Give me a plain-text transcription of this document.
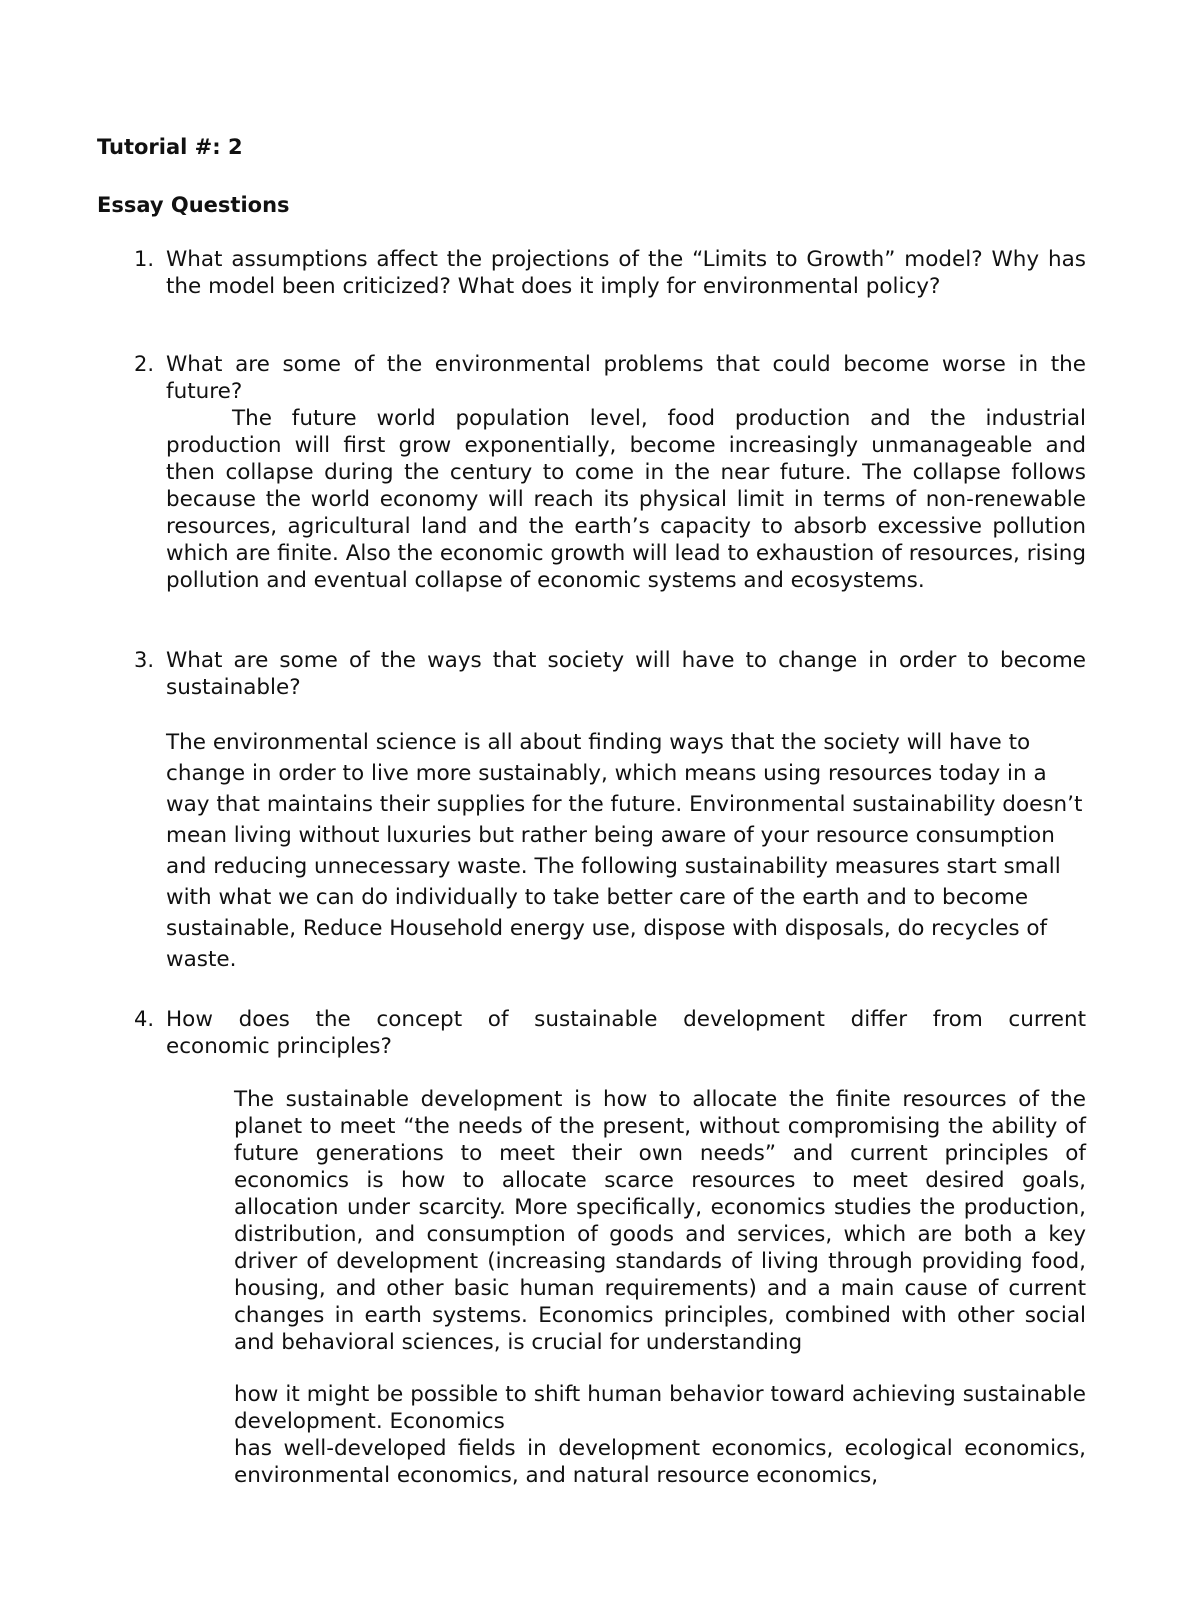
Tutorial #: 2
Essay Questions
1. What assumptions affect the projections of the “Limits to Growth” model? Why has the model been criticized? What does it imply for environmental policy?

2. What are some of the environmental problems that could become worse in the future?

The future world population level, food production and the industrial production will first grow exponentially, become increasingly unmanageable and then collapse during the century to come in the near future. The collapse follows because the world economy will reach its physical limit in terms of non-renewable resources, agricultural land and the earth’s capacity to absorb excessive pollution which are finite. Also the economic growth will lead to exhaustion of resources, rising pollution and eventual collapse of economic systems and ecosystems.

3. What are some of the ways that society will have to change in order to become sustainable?

The environmental science is all about finding ways that the society will have to change in order to live more sustainably, which means using resources today in a way that maintains their supplies for the future. Environmental sustainability doesn’t mean living without luxuries but rather being aware of your resource consumption and reducing unnecessary waste. The following sustainability measures start small with what we can do individually to take better care of the earth and to become sustainable, Reduce Household energy use, dispose with disposals, do recycles of waste.

4. How does the concept of sustainable development differ from current

economic principles?

The sustainable development is how to allocate the finite resources of the planet to meet “the needs of the present, without compromising the ability of future generations to meet their own needs” and current principles of economics is how to allocate scarce resources to meet desired goals, allocation under scarcity. More specifically, economics studies the production, distribution, and consumption of goods and services, which are both a key driver of development (increasing standards of living through providing food, housing, and other basic human requirements) and a main cause of current changes in earth systems. Economics principles, combined with other social and behavioral sciences, is crucial for understanding

how it might be possible to shift human behavior toward achieving sustainable development. Economics

has well-developed fields in development economics, ecological economics, environmental economics, and natural resource economics,
